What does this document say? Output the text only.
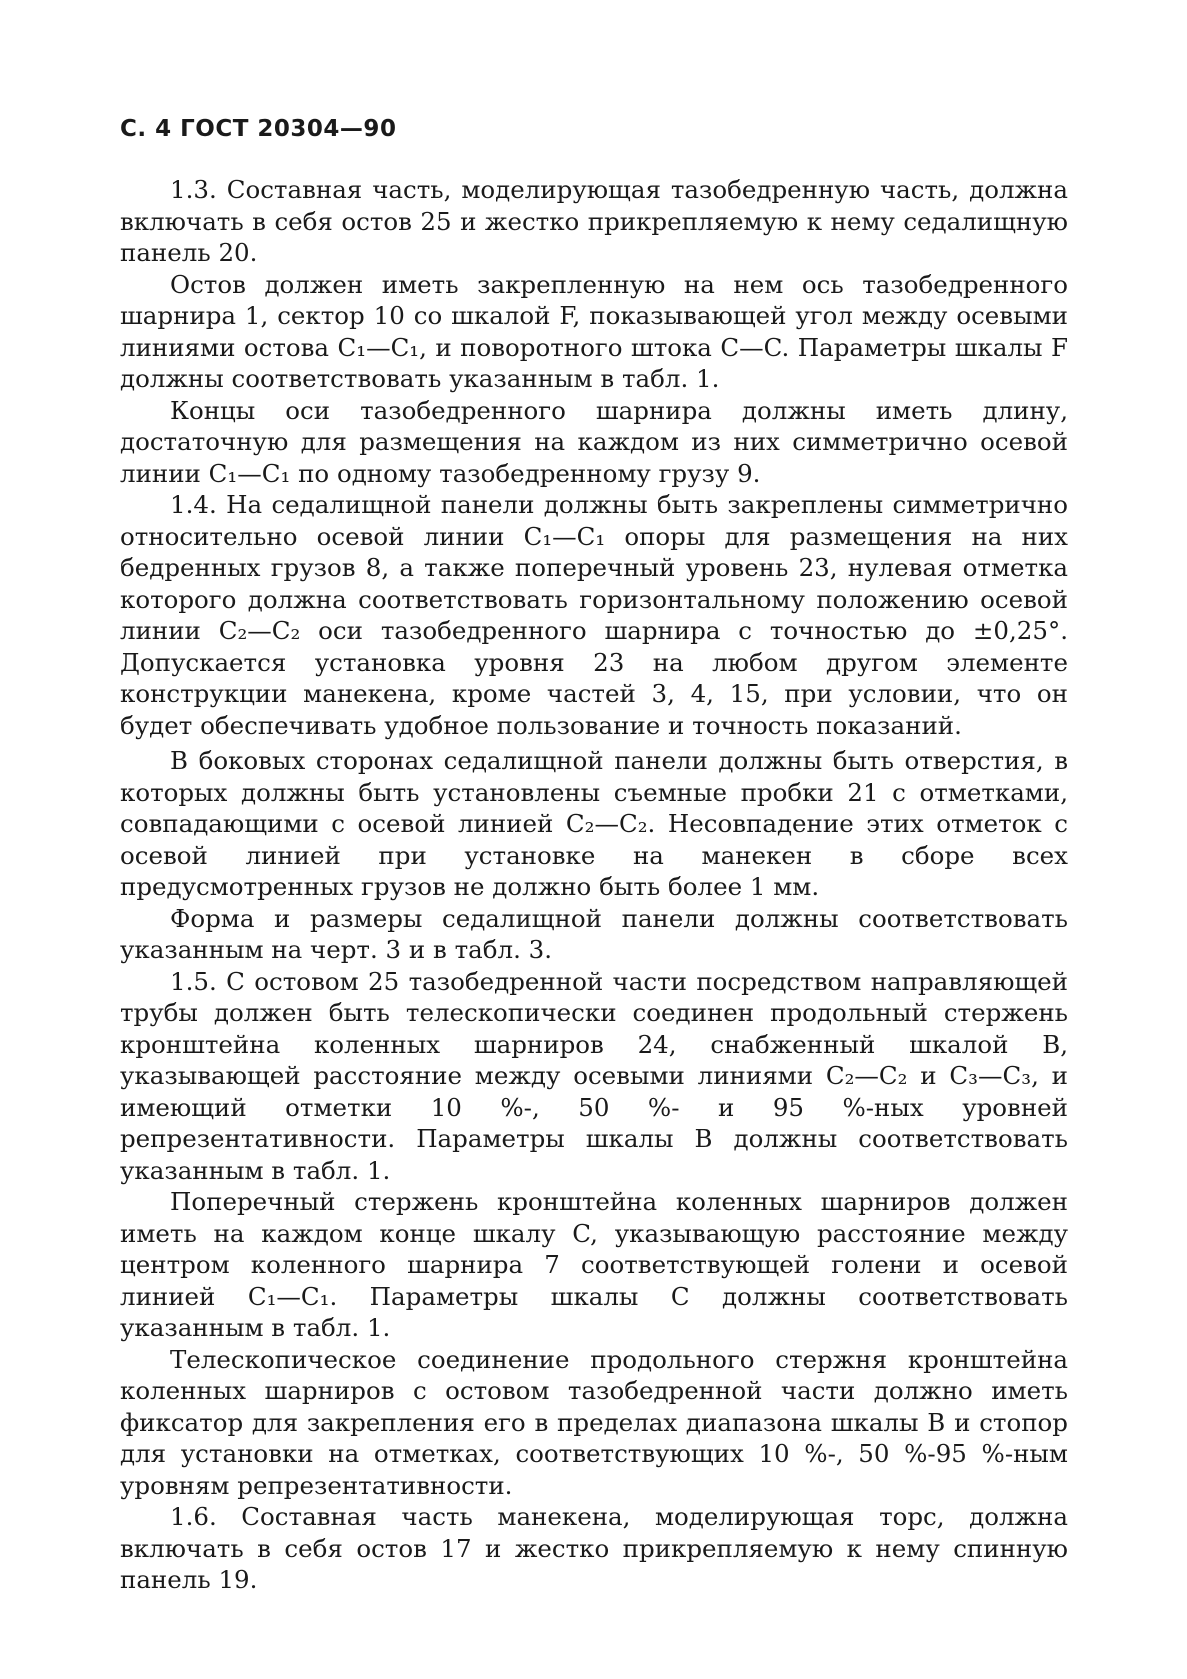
С. 4 ГОСТ 20304—90

1.3. Составная часть, моделирующая тазобедренную часть, должна включать в себя остов 25 и жестко прикрепляемую к нему седалищную панель 20.

Остов должен иметь закрепленную на нем ось тазобедренного шарнира 1, сектор 10 со шкалой F, показывающей угол между осевыми линиями остова C₁—C₁, и поворотного штока C—C. Параметры шкалы F должны соответствовать указанным в табл. 1.

Концы оси тазобедренного шарнира должны иметь длину, достаточную для размещения на каждом из них симметрично осевой линии C₁—C₁ по одному тазобедренному грузу 9.

1.4. На седалищной панели должны быть закреплены симметрично относительно осевой линии C₁—C₁ опоры для размещения на них бедренных грузов 8, а также поперечный уровень 23, нулевая отметка которого должна соответствовать горизонтальному положению осевой линии C₂—C₂ оси тазобедренного шарнира с точностью до ±0,25°. Допускается установка уровня 23 на любом другом элементе конструкции манекена, кроме частей 3, 4, 15, при условии, что он будет обеспечивать удобное пользование и точность показаний.

В боковых сторонах седалищной панели должны быть отверстия, в которых должны быть установлены съемные пробки 21 с отметками, совпадающими с осевой линией C₂—C₂. Несовпадение этих отметок с осевой линией при установке на манекен в сборе всех предусмотренных грузов не должно быть более 1 мм.

Форма и размеры седалищной панели должны соответствовать указанным на черт. 3 и в табл. 3.

1.5. С остовом 25 тазобедренной части посредством направляющей трубы должен быть телескопически соединен продольный стержень кронштейна коленных шарниров 24, снабженный шкалой B, указывающей расстояние между осевыми линиями C₂—C₂ и C₃—C₃, и имеющий отметки 10 %-, 50 %- и 95 %-ных уровней репрезентативности. Параметры шкалы B должны соответствовать указанным в табл. 1.

Поперечный стержень кронштейна коленных шарниров должен иметь на каждом конце шкалу C, указывающую расстояние между центром коленного шарнира 7 соответствующей голени и осевой линией C₁—C₁. Параметры шкалы C должны соответствовать указанным в табл. 1.

Телескопическое соединение продольного стержня кронштейна коленных шарниров с остовом тазобедренной части должно иметь фиксатор для закрепления его в пределах диапазона шкалы B и стопор для установки на отметках, соответствующих 10 %-, 50 %-95 %-ным уровням репрезентативности.

1.6. Составная часть манекена, моделирующая торс, должна включать в себя остов 17 и жестко прикрепляемую к нему спинную панель 19.
